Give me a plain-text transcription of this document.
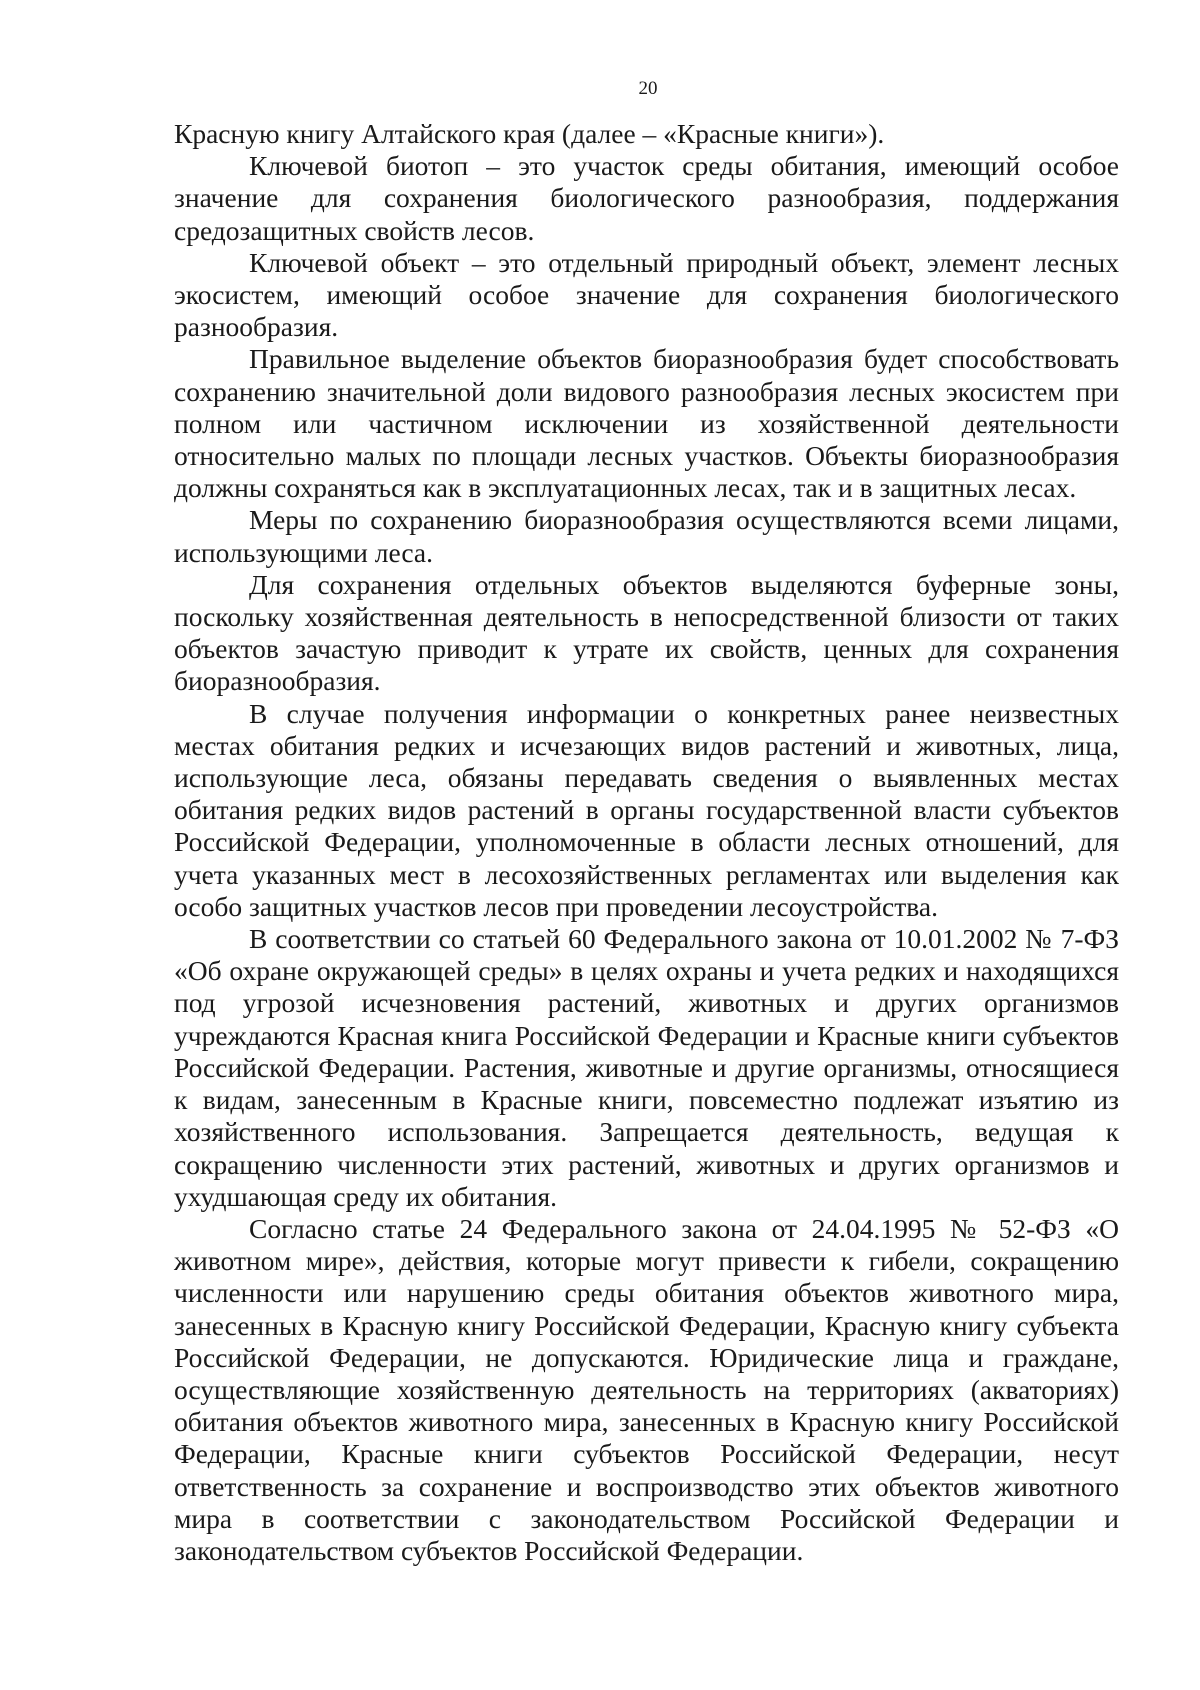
20

Красную книгу Алтайского края (далее – «Красные книги»).

Ключевой биотоп – это участок среды обитания, имеющий особое значение для сохранения биологического разнообразия, поддержания средозащитных свойств лесов.

Ключевой объект – это отдельный природный объект, элемент лесных экосистем, имеющий особое значение для сохранения биологического разнообразия.

Правильное выделение объектов биоразнообразия будет способствовать сохранению значительной доли видового разнообразия лесных экосистем при полном или частичном исключении из хозяйственной деятельности относительно малых по площади лесных участков. Объекты биоразнообразия должны сохраняться как в эксплуатационных лесах, так и в защитных лесах.

Меры по сохранению биоразнообразия осуществляются всеми лицами, использующими леса.

Для сохранения отдельных объектов выделяются буферные зоны, поскольку хозяйственная деятельность в непосредственной близости от таких объектов зачастую приводит к утрате их свойств, ценных для сохранения биоразнообразия.

В случае получения информации о конкретных ранее неизвестных местах обитания редких и исчезающих видов растений и животных, лица, использующие леса, обязаны передавать сведения о выявленных местах обитания редких видов растений в органы государственной власти субъектов Российской Федерации, уполномоченные в области лесных отношений, для учета указанных мест в лесохозяйственных регламентах или выделения как особо защитных участков лесов при проведении лесоустройства.

В соответствии со статьей 60 Федерального закона от 10.01.2002 № 7-ФЗ «Об охране окружающей среды» в целях охраны и учета редких и находящихся под угрозой исчезновения растений, животных и других организмов учреждаются Красная книга Российской Федерации и Красные книги субъектов Российской Федерации. Растения, животные и другие организмы, относящиеся к видам, занесенным в Красные книги, повсеместно подлежат изъятию из хозяйственного использования. Запрещается деятельность, ведущая к сокращению численности этих растений, животных и других организмов и ухудшающая среду их обитания.

Согласно статье 24 Федерального закона от 24.04.1995 № 52-ФЗ «О животном мире», действия, которые могут привести к гибели, сокращению численности или нарушению среды обитания объектов животного мира, занесенных в Красную книгу Российской Федерации, Красную книгу субъекта Российской Федерации, не допускаются. Юридические лица и граждане, осуществляющие хозяйственную деятельность на территориях (акваториях) обитания объектов животного мира, занесенных в Красную книгу Российской Федерации, Красные книги субъектов Российской Федерации, несут ответственность за сохранение и воспроизводство этих объектов животного мира в соответствии с законодательством Российской Федерации и законодательством субъектов Российской Федерации.
